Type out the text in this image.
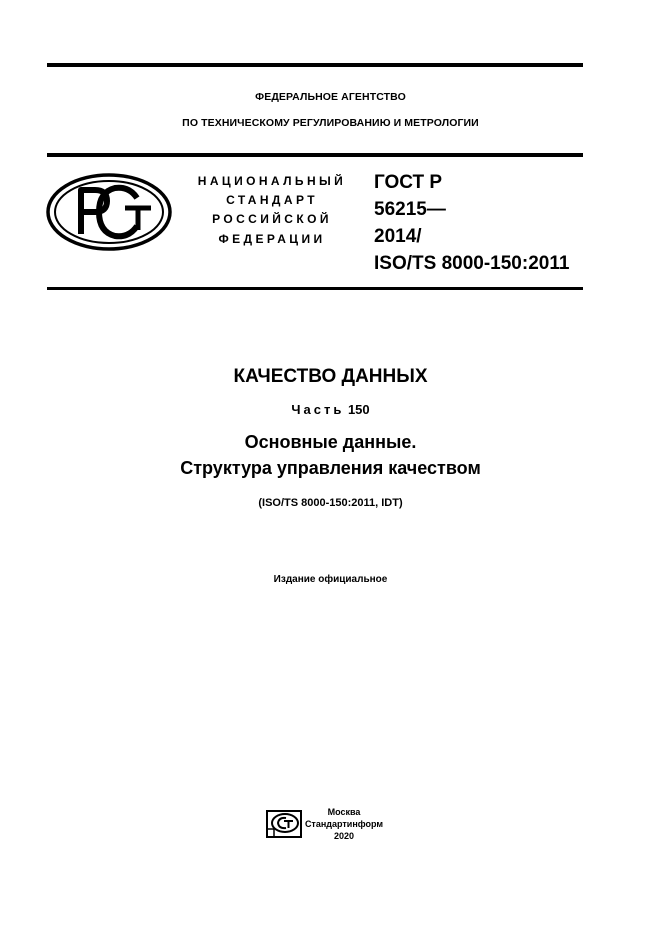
ФЕДЕРАЛЬНОЕ АГЕНТСТВО
ПО ТЕХНИЧЕСКОМУ РЕГУЛИРОВАНИЮ И МЕТРОЛОГИИ
НАЦИОНАЛЬНЫЙ
СТАНДАРТ
РОССИЙСКОЙ
ФЕДЕРАЦИИ
ГОСТ Р
56215—
2014/
ISO/TS 8000-150:2011
КАЧЕСТВО ДАННЫХ
Часть 150
Основные данные.
Структура управления качеством
(ISO/TS 8000-150:2011, IDT)
Издание официальное
Москва
Стандартинформ
2020
